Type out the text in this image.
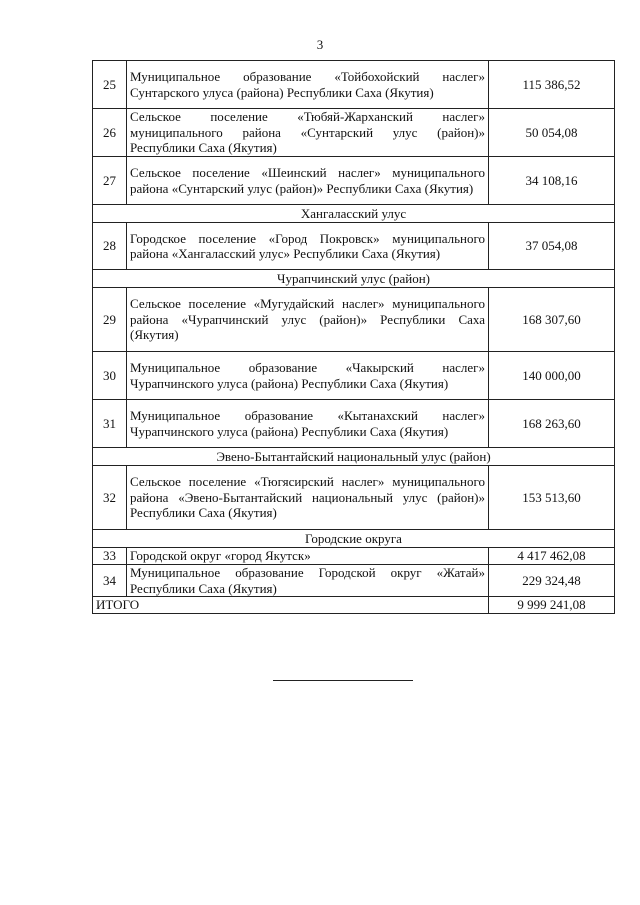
3
25	Муниципальное образование «Тойбохойский наслег» Сунтарского улуса (района) Республики Саха (Якутия)	115 386,52
26	Сельское поселение «Тюбяй-Жарханский наслег» муниципального района «Сунтарский улус (район)» Республики Саха (Якутия)	50 054,08
27	Сельское поселение «Шеинский наслег» муниципального района «Сунтарский улус (район)» Республики Саха (Якутия)	34 108,16
Хангаласский улус		
28	Городское поселение «Город Покровск» муниципального района «Хангаласский улус» Республики Саха (Якутия)	37 054,08
Чурапчинский улус (район)		
29	Сельское поселение «Мугудайский наслег» муниципального района «Чурапчинский улус (район)» Республики Саха (Якутия)	168 307,60
30	Муниципальное образование «Чакырский наслег» Чурапчинского улуса (района) Республики Саха (Якутия)	140 000,00
31	Муниципальное образование «Кытанахский наслег» Чурапчинского улуса (района) Республики Саха (Якутия)	168 263,60
Эвено-Бытантайский национальный улус (район)		
32	Сельское поселение «Тюгясирский наслег» муниципального района «Эвено-Бытантайский национальный улус (район)» Республики Саха (Якутия)	153 513,60
Городские округа		
33	Городской округ «город Якутск»	4 417 462,08
34	Муниципальное образование Городской округ «Жатай» Республики Саха (Якутия)	229 324,48
ИТОГО		9 999 241,08
